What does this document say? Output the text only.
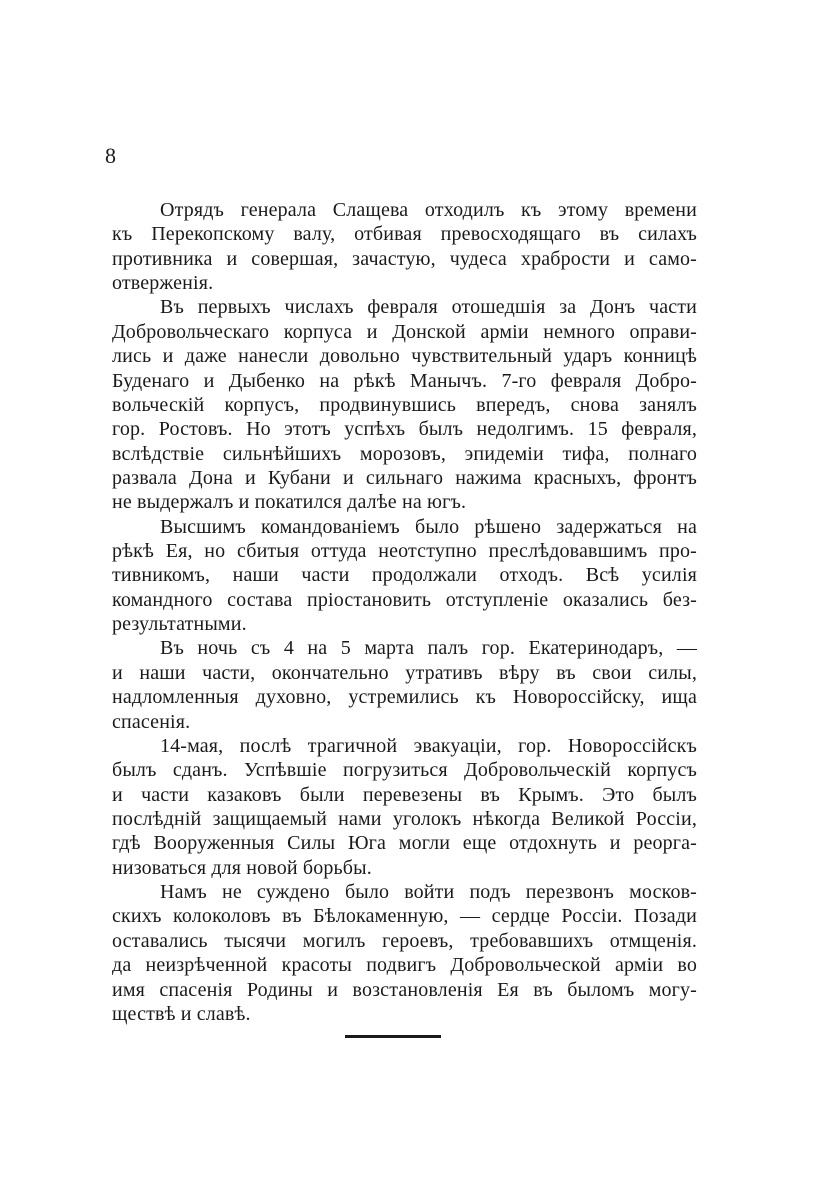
8
Отрядъ генерала Слащева отходилъ къ этому времени
къ Перекопскому валу, отбивая превосходящаго въ силахъ
противника и совершая, зачастую, чудеса храбрости и само-
отверженія.
Въ первыхъ числахъ февраля отошедшія за Донъ части
Добровольческаго корпуса и Донской арміи немного оправи-
лись и даже нанесли довольно чувствительный ударъ конницѣ
Буденаго и Дыбенко на рѣкѣ Манычъ. 7-го февраля Добро-
вольческій корпусъ, продвинувшись впередъ, снова занялъ
гор. Ростовъ. Но этотъ успѣхъ былъ недолгимъ. 15 февраля,
вслѣдствіе сильнѣйшихъ морозовъ, эпидеміи тифа, полнаго
развала Дона и Кубани и сильнаго нажима красныхъ, фронтъ
не выдержалъ и покатился далѣе на югъ.
Высшимъ командованіемъ было рѣшено задержаться на
рѣкѣ Ея, но сбитыя оттуда неотступно преслѣдовавшимъ про-
тивникомъ, наши части продолжали отходъ. Всѣ усилія
командного состава пріостановить отступленіе оказались без-
результатными.
Въ ночь съ 4 на 5 марта палъ гор. Екатеринодаръ, —
и наши части, окончательно утративъ вѣру въ свои силы,
надломленныя духовно, устремились къ Новороссійску, ища
спасенія.
14-мая, послѣ трагичной эвакуаціи, гор. Новороссійскъ
былъ сданъ. Успѣвшіе погрузиться Добровольческій корпусъ
и части казаковъ были перевезены въ Крымъ. Это былъ
послѣдній защищаемый нами уголокъ нѣкогда Великой Россіи,
гдѣ Вооруженныя Силы Юга могли еще отдохнуть и реорга-
низоваться для новой борьбы.
Намъ не суждено было войти подъ перезвонъ москов-
скихъ колоколовъ въ Бѣлокаменную, — сердце Россіи. Позади
оставались тысячи могилъ героевъ, требовавшихъ отмщенія.
да неизрѣченной красоты подвигъ Добровольческой арміи во
имя спасенія Родины и возстановленія Ея въ быломъ могу-
ществѣ и славѣ.
